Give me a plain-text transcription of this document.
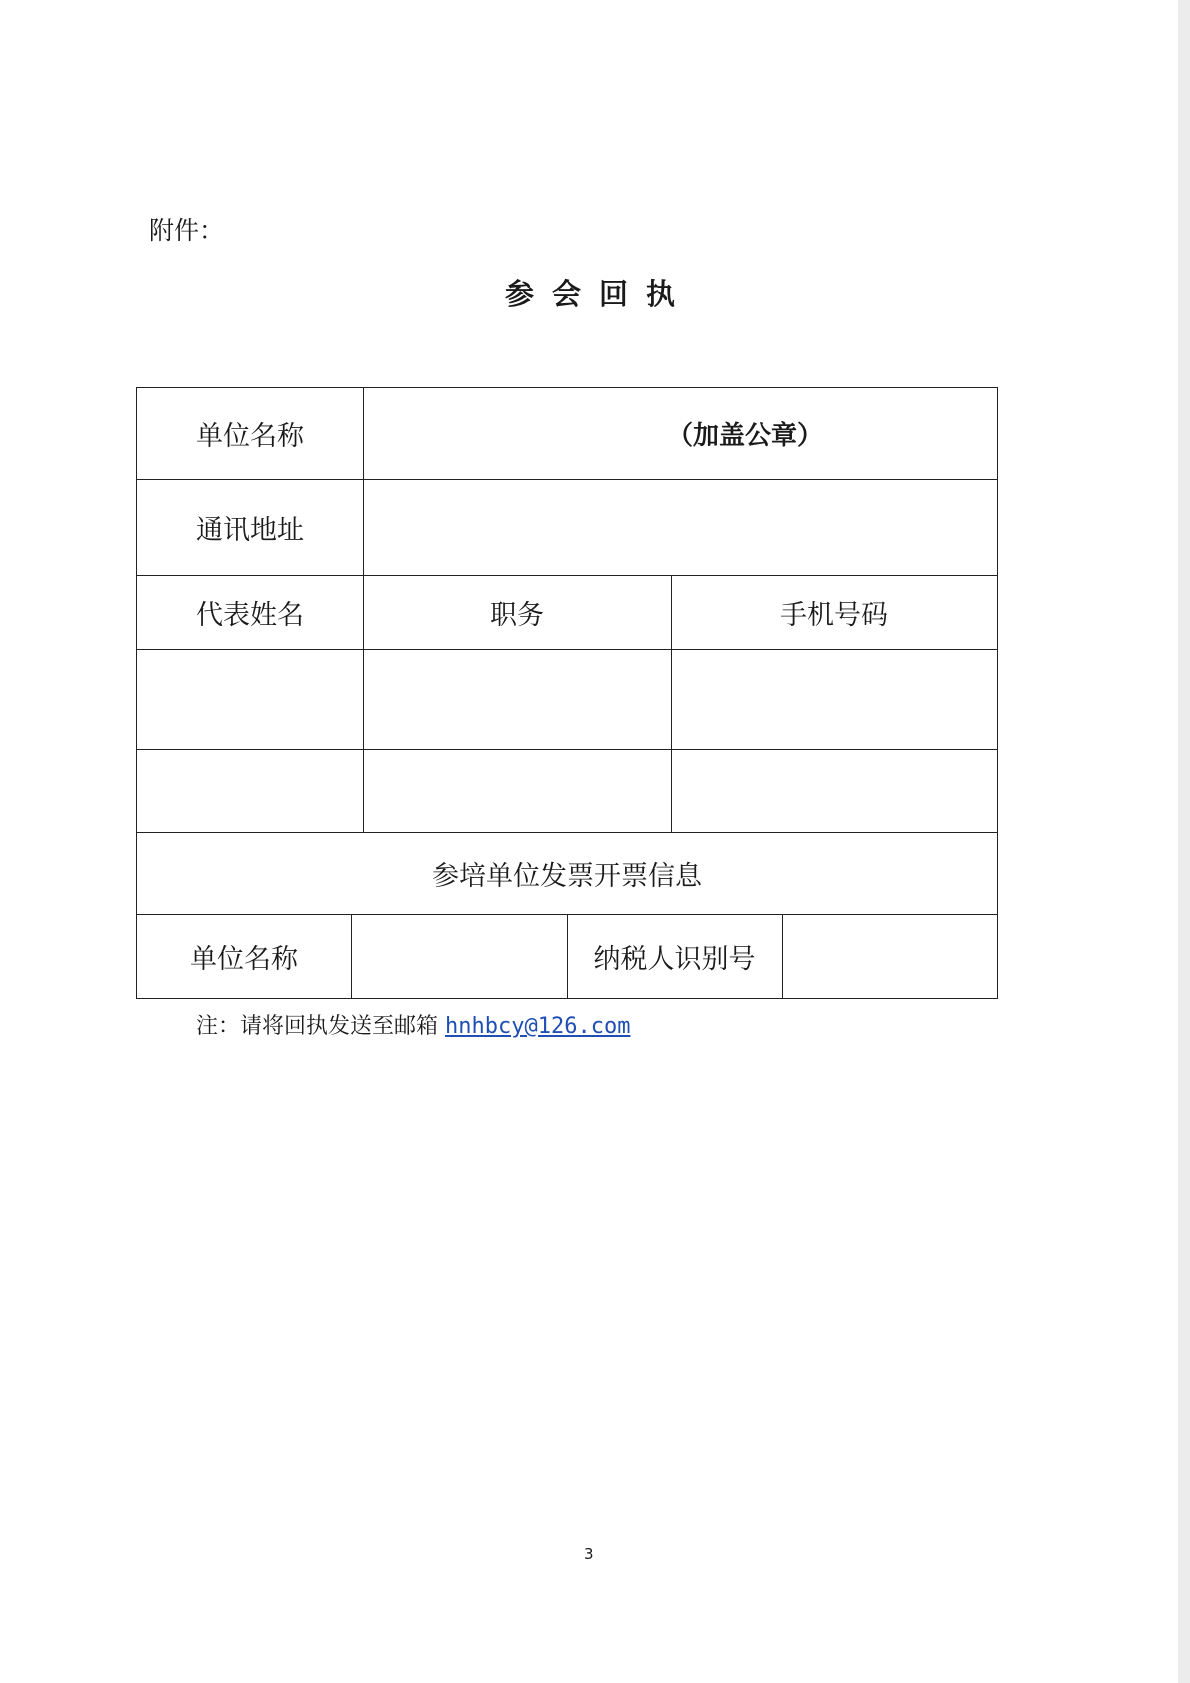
附件：
参会回执
单位名称	（加盖公章）
通讯地址
代表姓名	职务	手机号码
参培单位发票开票信息
单位名称	纳税人识别号
注：请将回执发送至邮箱 hnhbcy@126.com
3
